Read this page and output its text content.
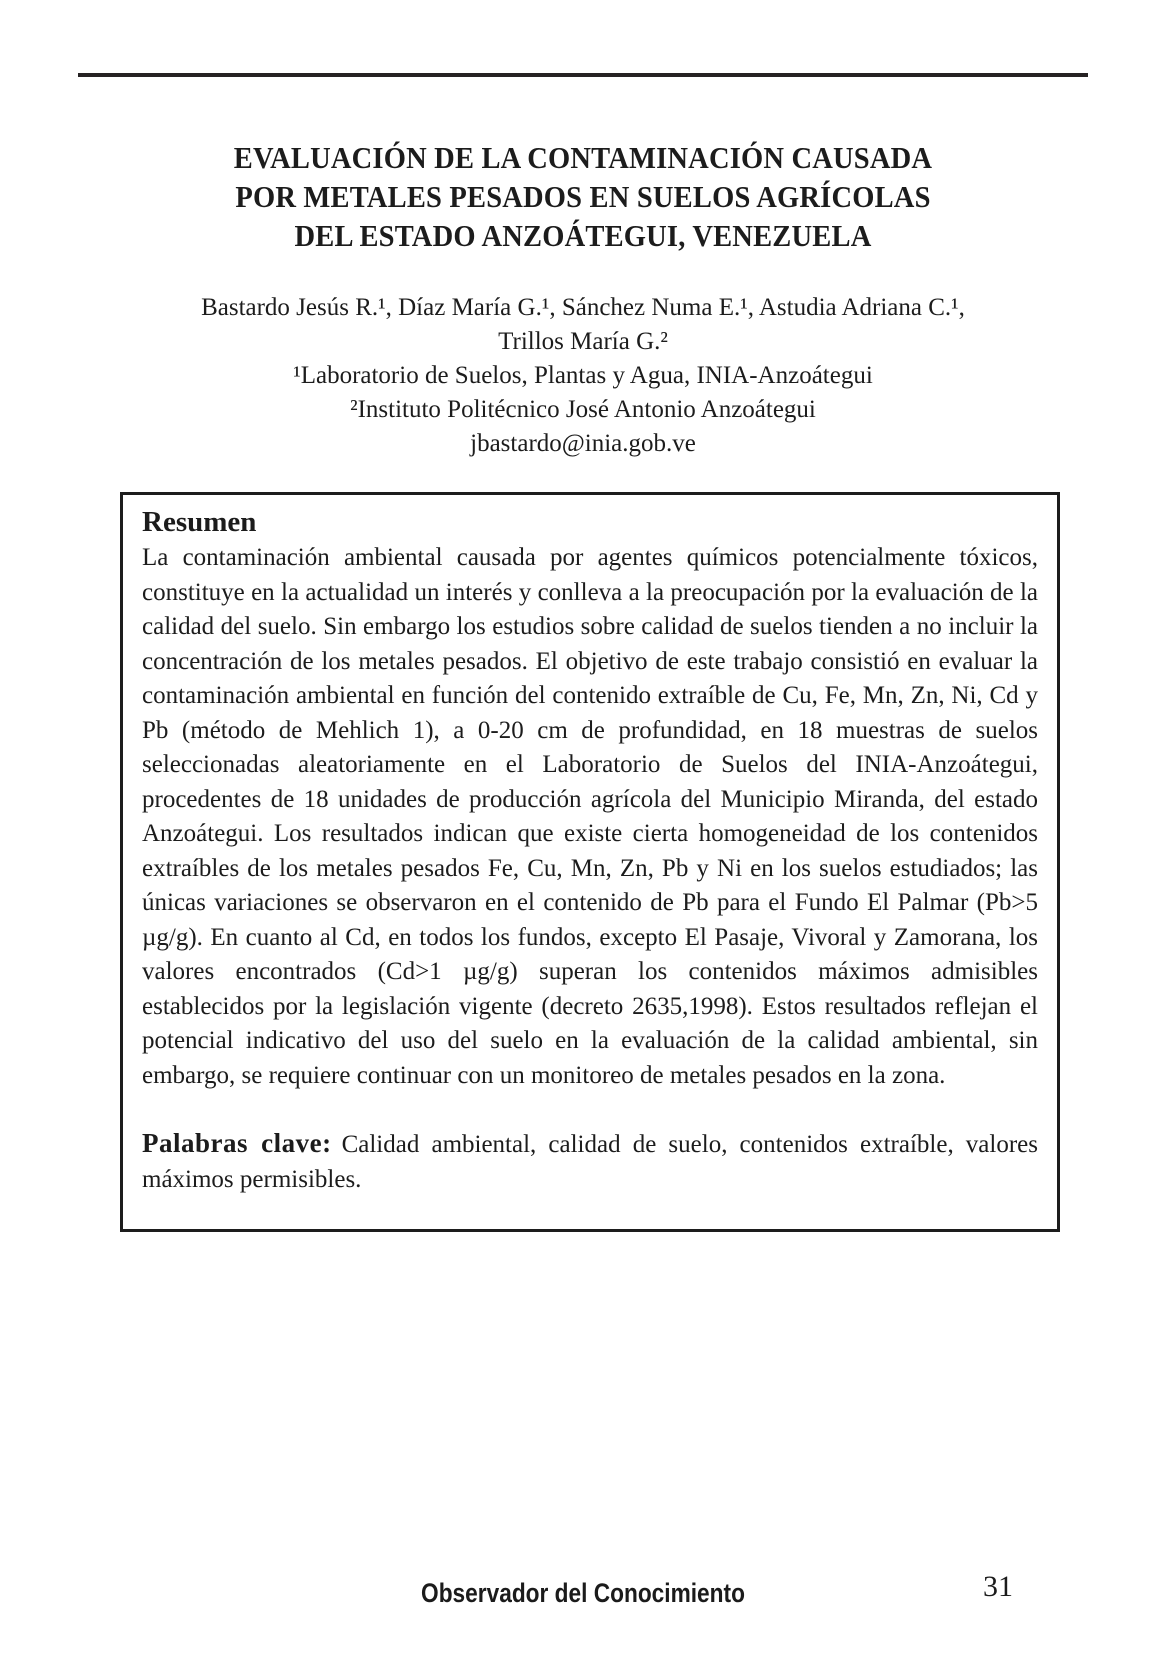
EVALUACIÓN DE LA CONTAMINACIÓN CAUSADA
POR METALES PESADOS EN SUELOS AGRÍCOLAS
DEL ESTADO ANZOÁTEGUI, VENEZUELA
Bastardo Jesús R.¹, Díaz María G.¹, Sánchez Numa E.¹, Astudia Adriana C.¹,
Trillos María G.²
¹Laboratorio de Suelos, Plantas y Agua, INIA-Anzoátegui
²Instituto Politécnico José Antonio Anzoátegui
jbastardo@inia.gob.ve
Resumen

La contaminación ambiental causada por agentes químicos potencialmente tóxicos, constituye en la actualidad un interés y conlleva a la preocupación por la evaluación de la calidad del suelo. Sin embargo los estudios sobre calidad de suelos tienden a no incluir la concentración de los metales pesados. El objetivo de este trabajo consistió en evaluar la contaminación ambiental en función del contenido extraíble de Cu, Fe, Mn, Zn, Ni, Cd y Pb (método de Mehlich 1), a 0-20 cm de profundidad, en 18 muestras de suelos seleccionadas aleatoriamente en el Laboratorio de Suelos del INIA-Anzoátegui, procedentes de 18 unidades de producción agrícola del Municipio Miranda, del estado Anzoátegui. Los resultados indican que existe cierta homogeneidad de los contenidos extraíbles de los metales pesados Fe, Cu, Mn, Zn, Pb y Ni en los suelos estudiados; las únicas variaciones se observaron en el contenido de Pb para el Fundo El Palmar (Pb>5 µg/g). En cuanto al Cd, en todos los fundos, excepto El Pasaje, Vivoral y Zamorana, los valores encontrados (Cd>1 µg/g) superan los contenidos máximos admisibles establecidos por la legislación vigente (decreto 2635,1998). Estos resultados reflejan el potencial indicativo del uso del suelo en la evaluación de la calidad ambiental, sin embargo, se requiere continuar con un monitoreo de metales pesados en la zona.

Palabras clave: Calidad ambiental, calidad de suelo, contenidos extraíble, valores máximos permisibles.

Observador del Conocimiento	31
